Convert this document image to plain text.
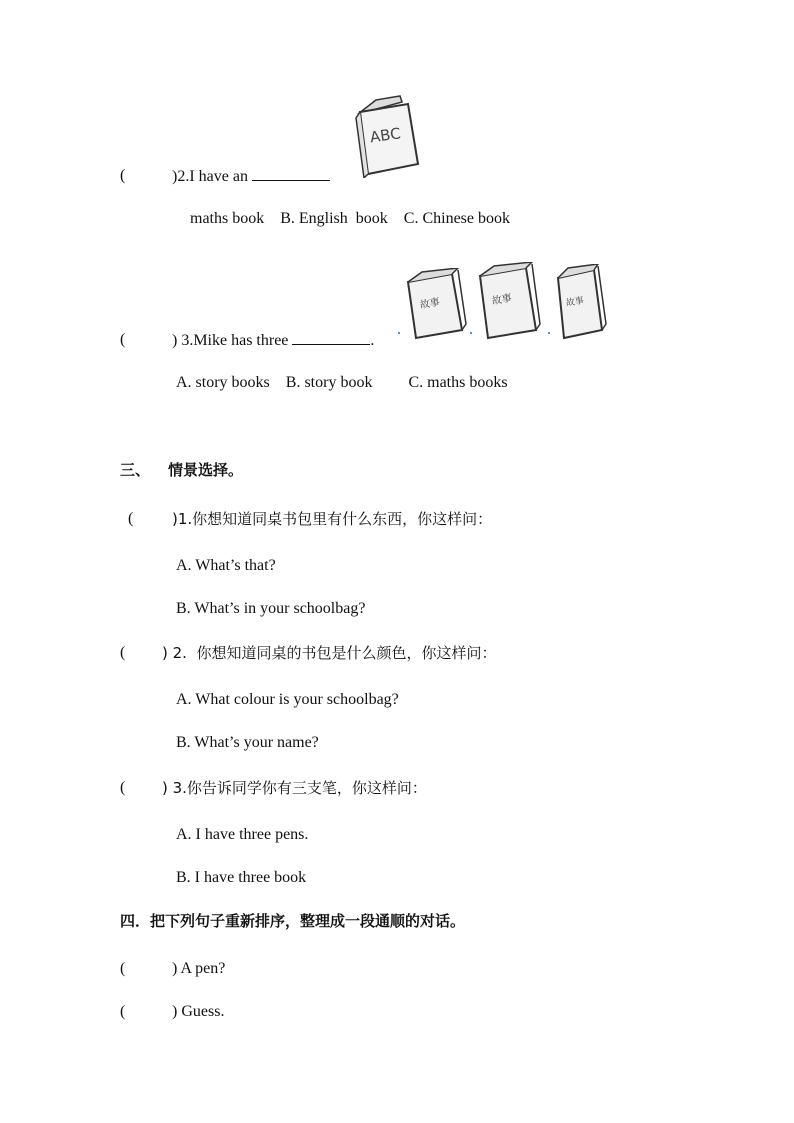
(	)2.I have an
ABC
maths book    B. English  book    C. Chinese book
(	) 3.Mike has three	.
故事	故事	故事
A. story books    B. story book         C. maths books
三、 情景选择。
(	)1.你想知道同桌书包里有什么东西，你这样问：
A. What’s that?
B. What’s in your schoolbag?
( ) 2.  你想知道同桌的书包是什么颜色，你这样问：
A. What colour is your schoolbag?
B. What’s your name?
( ) 3.你告诉同学你有三支笔，你这样问：
A. I have three pens.
B. I have three book
四．把下列句子重新排序，整理成一段通顺的对话。
(	) A pen?
(	) Guess.
